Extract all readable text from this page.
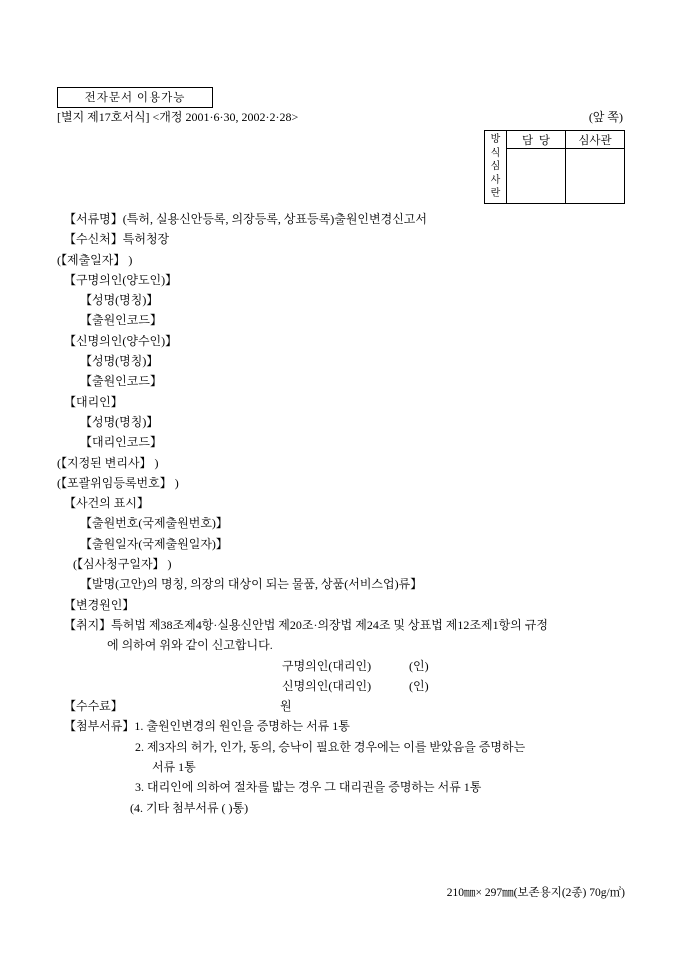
전자문서 이용가능
[별지 제17호서식] <개정 2001·6·30, 2002·2·28>	(앞 쪽)
방식심사란	담  당	심사관

【서류명】(특허, 실용신안등록, 의장등록, 상표등록)출원인변경신고서
【수신처】특허청장
(【제출일자】 )
【구명의인(양도인)】
【성명(명칭)】
【출원인코드】
【신명의인(양수인)】
【성명(명칭)】
【출원인코드】
【대리인】
【성명(명칭)】
【대리인코드】
(【지정된 변리사】 )
(【포괄위임등록번호】 )
【사건의 표시】
【출원번호(국제출원번호)】
【출원일자(국제출원일자)】
(【심사청구일자】 )
【발명(고안)의 명칭, 의장의 대상이 되는 물품, 상품(서비스업)류】
【변경원인】
【취지】특허법 제38조제4항·실용신안법 제20조·의장법 제24조 및 상표법 제12조제1항의 규정
에 의하여 위와 같이 신고합니다.
구명의인(대리인)	(인)
신명의인(대리인)	(인)
【수수료】	원
【첨부서류】1. 출원인변경의 원인을 증명하는 서류 1통
2. 제3자의 허가, 인가, 동의, 승낙이 필요한 경우에는 이를 받았음을 증명하는
서류 1통
3. 대리인에 의하여 절차를 밟는 경우 그 대리권을 증명하는 서류 1통
(4. 기타 첨부서류 ( )통)
210㎜× 297㎜(보존용지(2종) 70g/㎡)
